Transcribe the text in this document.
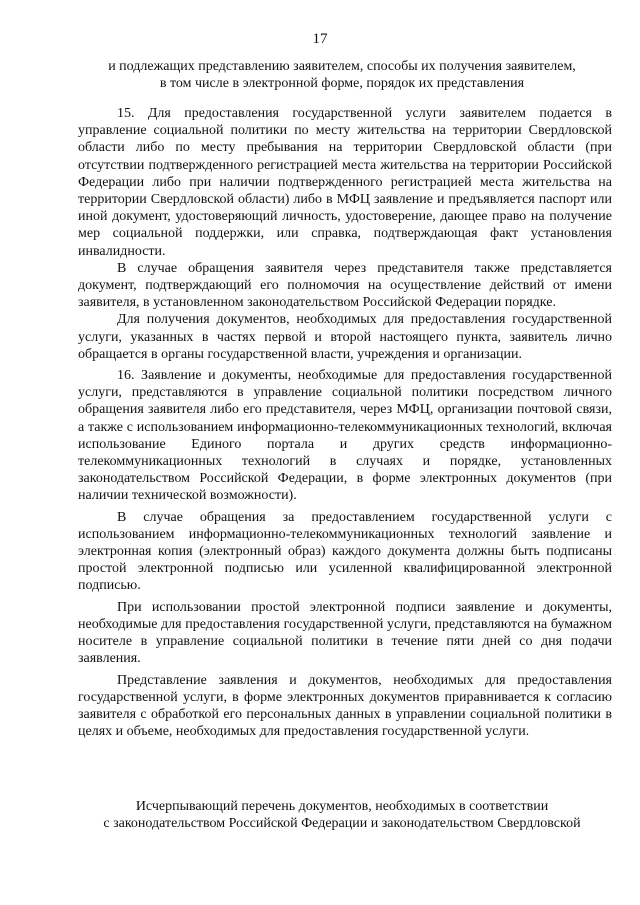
17
и подлежащих представлению заявителем, способы их получения заявителем,
в том числе в электронной форме, порядок их представления

15. Для предоставления государственной услуги заявителем подается в управление социальной политики по месту жительства на территории Свердловской области либо по месту пребывания на территории Свердловской области (при отсутствии подтвержденного регистрацией места жительства на территории Российской Федерации либо при наличии подтвержденного регистрацией места жительства на территории Свердловской области) либо в МФЦ заявление и предъявляется паспорт или иной документ, удостоверяющий личность, удостоверение, дающее право на получение мер социальной поддержки, или справка, подтверждающая факт установления инвалидности.

В случае обращения заявителя через представителя также представляется документ, подтверждающий его полномочия на осуществление действий от имени заявителя, в установленном законодательством Российской Федерации порядке.

Для получения документов, необходимых для предоставления государственной услуги, указанных в частях первой и второй настоящего пункта, заявитель лично обращается в органы государственной власти, учреждения и организации.

16. Заявление и документы, необходимые для предоставления государственной услуги, представляются в управление социальной политики посредством личного обращения заявителя либо его представителя, через МФЦ, организации почтовой связи, а также с использованием информационно-телекоммуникационных технологий, включая использование Единого портала и других средств информационно-телекоммуникационных технологий в случаях и порядке, установленных законодательством Российской Федерации, в форме электронных документов (при наличии технической возможности).

В случае обращения за предоставлением государственной услуги с использованием информационно-телекоммуникационных технологий заявление и электронная копия (электронный образ) каждого документа должны быть подписаны простой электронной подписью или усиленной квалифицированной электронной подписью.

При использовании простой электронной подписи заявление и документы, необходимые для предоставления государственной услуги, представляются на бумажном носителе в управление социальной политики в течение пяти дней со дня подачи заявления.

Представление заявления и документов, необходимых для предоставления государственной услуги, в форме электронных документов приравнивается к согласию заявителя с обработкой его персональных данных в управлении социальной политики в целях и объеме, необходимых для предоставления государственной услуги.

Исчерпывающий перечень документов, необходимых в соответствии
с законодательством Российской Федерации и законодательством Свердловской
